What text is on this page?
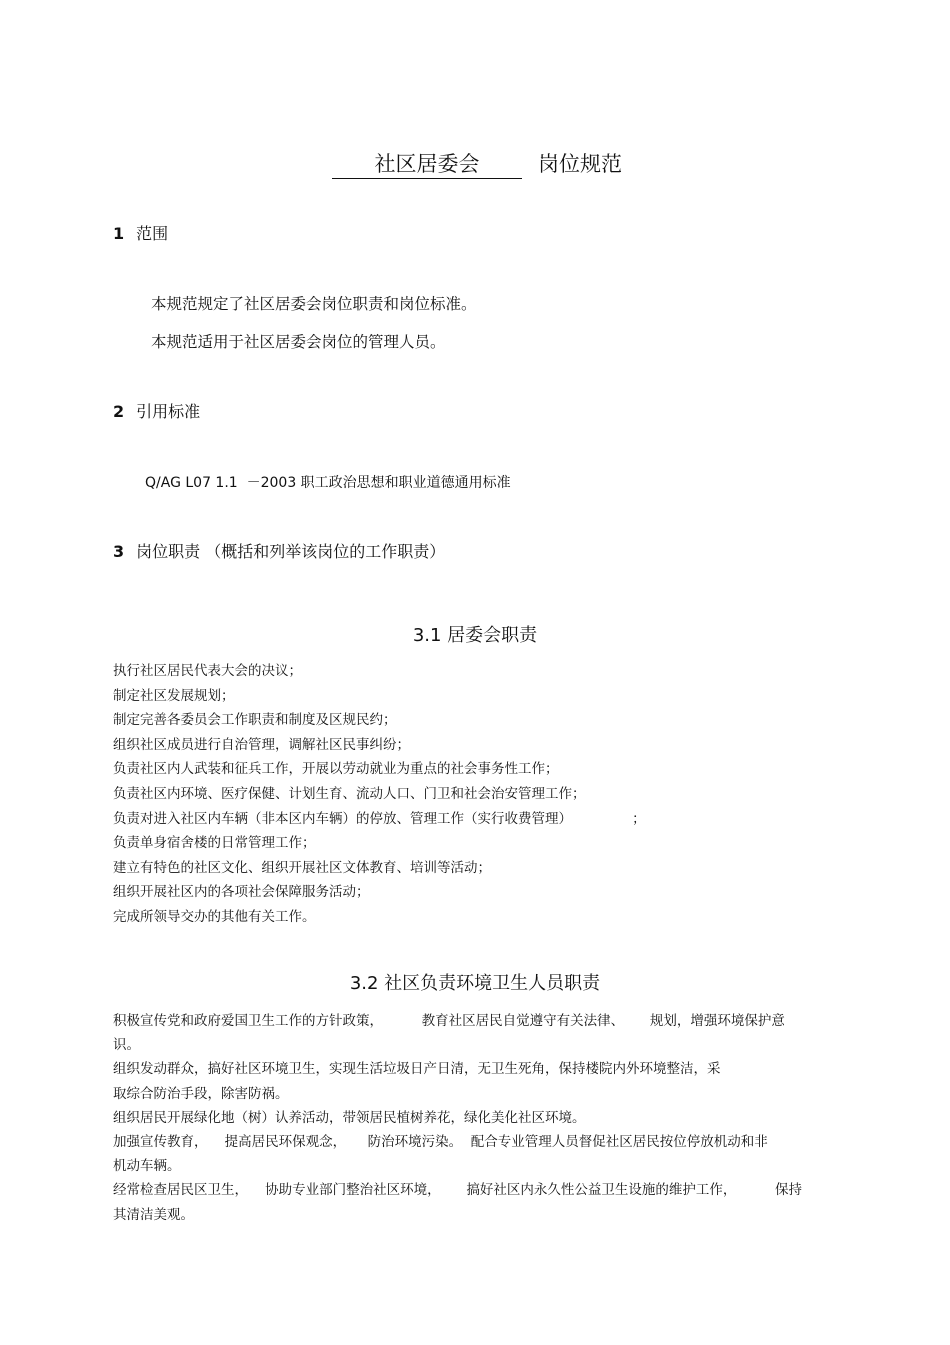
社区居委会	岗位规范
1 范围
本规范规定了社区居委会岗位职责和岗位标准。
本规范适用于社区居委会岗位的管理人员。
2 引用标准
Q/AG L07 1.1  －2003 职工政治思想和职业道德通用标准
3 岗位职责 （概括和列举该岗位的工作职责）
3.1 居委会职责
执行社区居民代表大会的决议；
制定社区发展规划；
制定完善各委员会工作职责和制度及区规民约；
组织社区成员进行自治管理，调解社区民事纠纷；
负责社区内人武装和征兵工作，开展以劳动就业为重点的社会事务性工作；
负责社区内环境、医疗保健、计划生育、流动人口、门卫和社会治安管理工作；
负责对进入社区内车辆（非本区内车辆）的停放、管理工作（实行收费管理）              ；
负责单身宿舍楼的日常管理工作；
建立有特色的社区文化、组织开展社区文体教育、培训等活动；
组织开展社区内的各项社会保障服务活动；
完成所领导交办的其他有关工作。
3.2 社区负责环境卫生人员职责
积极宣传党和政府爱国卫生工作的方针政策，         教育社区居民自觉遵守有关法律、      规划，增强环境保护意
识。
组织发动群众，搞好社区环境卫生，实现生活垃圾日产日清，无卫生死角，保持楼院内外环境整洁，采
取综合防治手段，除害防祸。
组织居民开展绿化地（树）认养活动，带领居民植树养花，绿化美化社区环境。
加强宣传教育，    提高居民环保观念，     防治环境污染。  配合专业管理人员督促社区居民按位停放机动和非
机动车辆。
经常检查居民区卫生，    协助专业部门整治社区环境，      搞好社区内永久性公益卫生设施的维护工作，         保持
其清洁美观。
